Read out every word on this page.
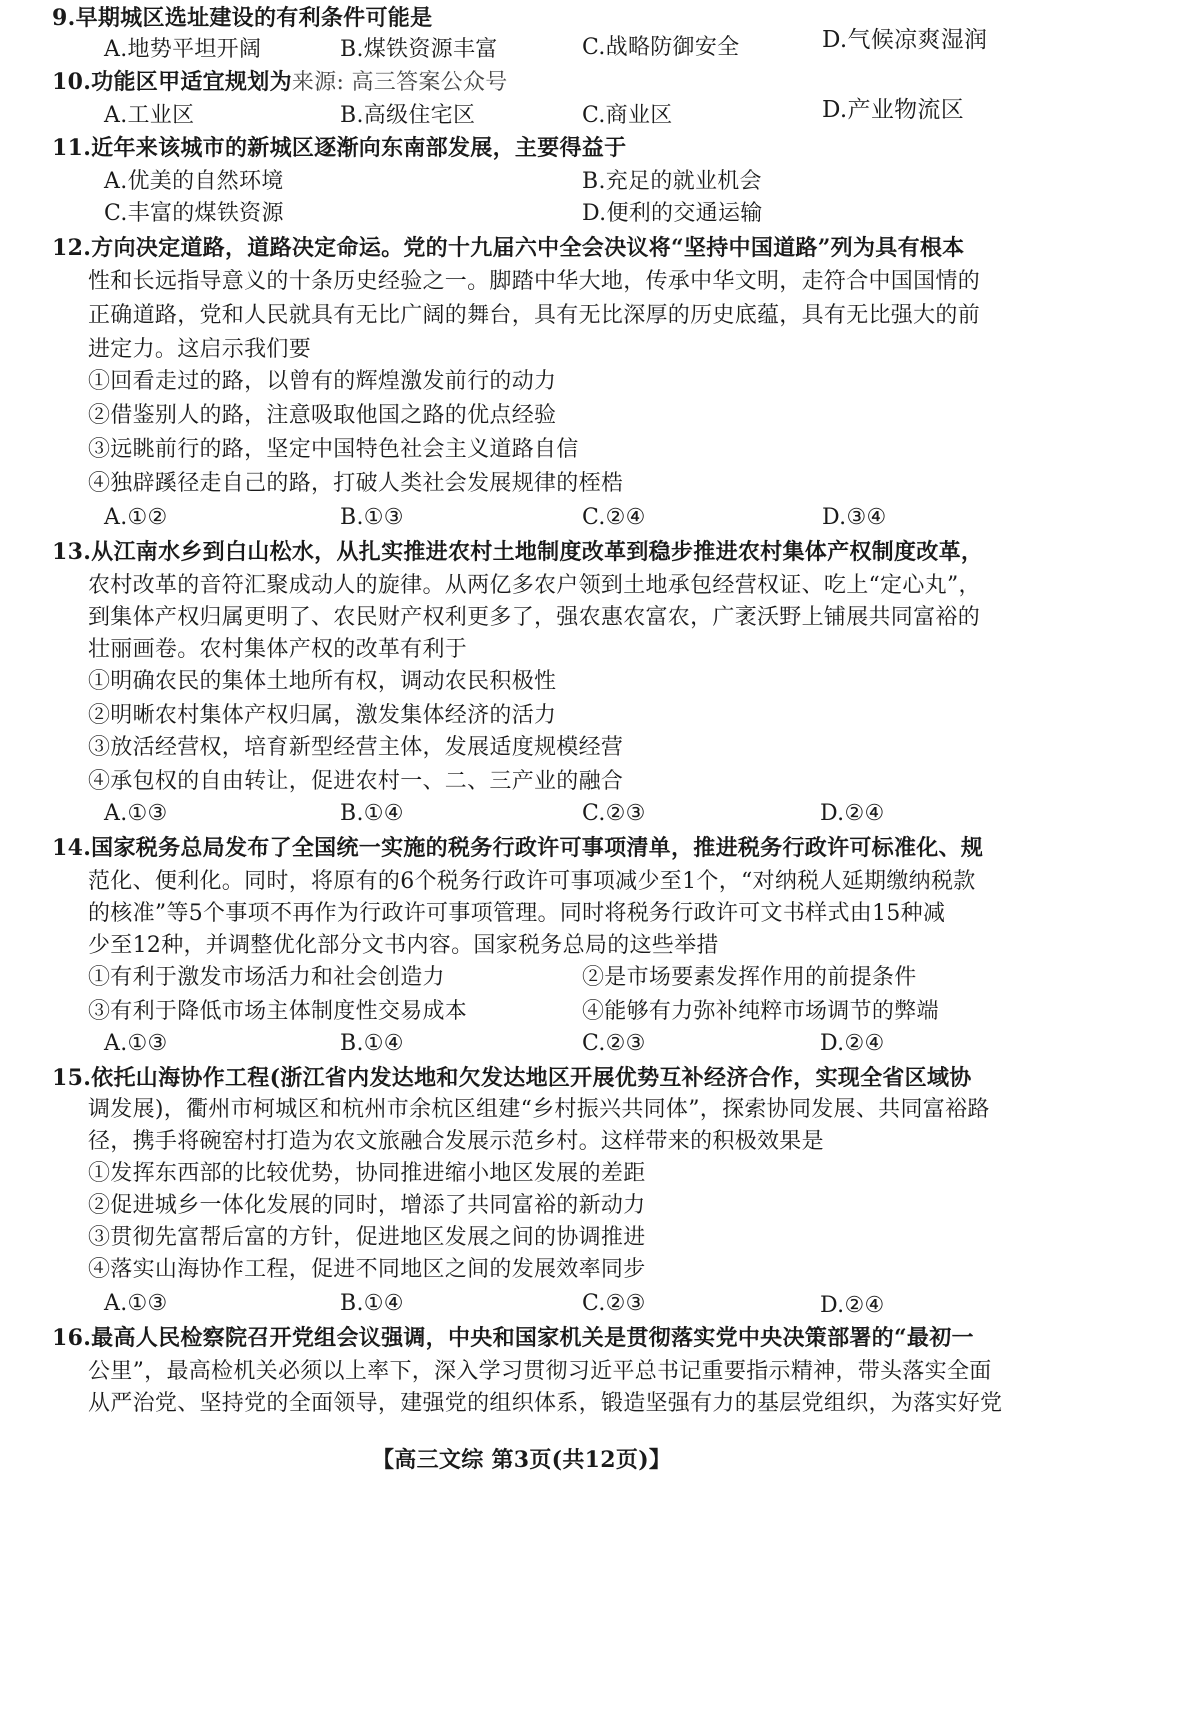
9.早期城区选址建设的有利条件可能是
A.地势平坦开阔	B.煤铁资源丰富	C.战略防御安全	D.气候凉爽湿润
10.功能区甲适宜规划为来源: 高三答案公众号
A.工业区	B.高级住宅区	C.商业区	D.产业物流区
11.近年来该城市的新城区逐渐向东南部发展，主要得益于
A.优美的自然环境	B.充足的就业机会
C.丰富的煤铁资源	D.便利的交通运输
12.方向决定道路，道路决定命运。党的十九届六中全会决议将“坚持中国道路”列为具有根本
性和长远指导意义的十条历史经验之一。脚踏中华大地，传承中华文明，走符合中国国情的
正确道路，党和人民就具有无比广阔的舞台，具有无比深厚的历史底蕴，具有无比强大的前
进定力。这启示我们要
①回看走过的路，以曾有的辉煌激发前行的动力
②借鉴别人的路，注意吸取他国之路的优点经验
③远眺前行的路，坚定中国特色社会主义道路自信
④独辟蹊径走自己的路，打破人类社会发展规律的桎梏
A.①②	B.①③	C.②④	D.③④
13.从江南水乡到白山松水，从扎实推进农村土地制度改革到稳步推进农村集体产权制度改革，
农村改革的音符汇聚成动人的旋律。从两亿多农户领到土地承包经营权证、吃上“定心丸”，
到集体产权归属更明了、农民财产权利更多了，强农惠农富农，广袤沃野上铺展共同富裕的
壮丽画卷。农村集体产权的改革有利于
①明确农民的集体土地所有权，调动农民积极性
②明晰农村集体产权归属，激发集体经济的活力
③放活经营权，培育新型经营主体，发展适度规模经营
④承包权的自由转让，促进农村一、二、三产业的融合
A.①③	B.①④	C.②③	D.②④
14.国家税务总局发布了全国统一实施的税务行政许可事项清单，推进税务行政许可标准化、规
范化、便利化。同时，将原有的6个税务行政许可事项减少至1个，“对纳税人延期缴纳税款
的核准”等5个事项不再作为行政许可事项管理。同时将税务行政许可文书样式由15种减
少至12种，并调整优化部分文书内容。国家税务总局的这些举措
①有利于激发市场活力和社会创造力	②是市场要素发挥作用的前提条件
③有利于降低市场主体制度性交易成本	④能够有力弥补纯粹市场调节的弊端
A.①③	B.①④	C.②③	D.②④
15.依托山海协作工程(浙江省内发达地和欠发达地区开展优势互补经济合作，实现全省区域协
调发展)，衢州市柯城区和杭州市余杭区组建“乡村振兴共同体”，探索协同发展、共同富裕路
径，携手将碗窑村打造为农文旅融合发展示范乡村。这样带来的积极效果是
①发挥东西部的比较优势，协同推进缩小地区发展的差距
②促进城乡一体化发展的同时，增添了共同富裕的新动力
③贯彻先富帮后富的方针，促进地区发展之间的协调推进
④落实山海协作工程，促进不同地区之间的发展效率同步
A.①③	B.①④	C.②③	D.②④
16.最高人民检察院召开党组会议强调，中央和国家机关是贯彻落实党中央决策部署的“最初一
公里”，最高检机关必须以上率下，深入学习贯彻习近平总书记重要指示精神，带头落实全面
从严治党、坚持党的全面领导，建强党的组织体系，锻造坚强有力的基层党组织，为落实好党
【高三文综 第3页(共12页)】
